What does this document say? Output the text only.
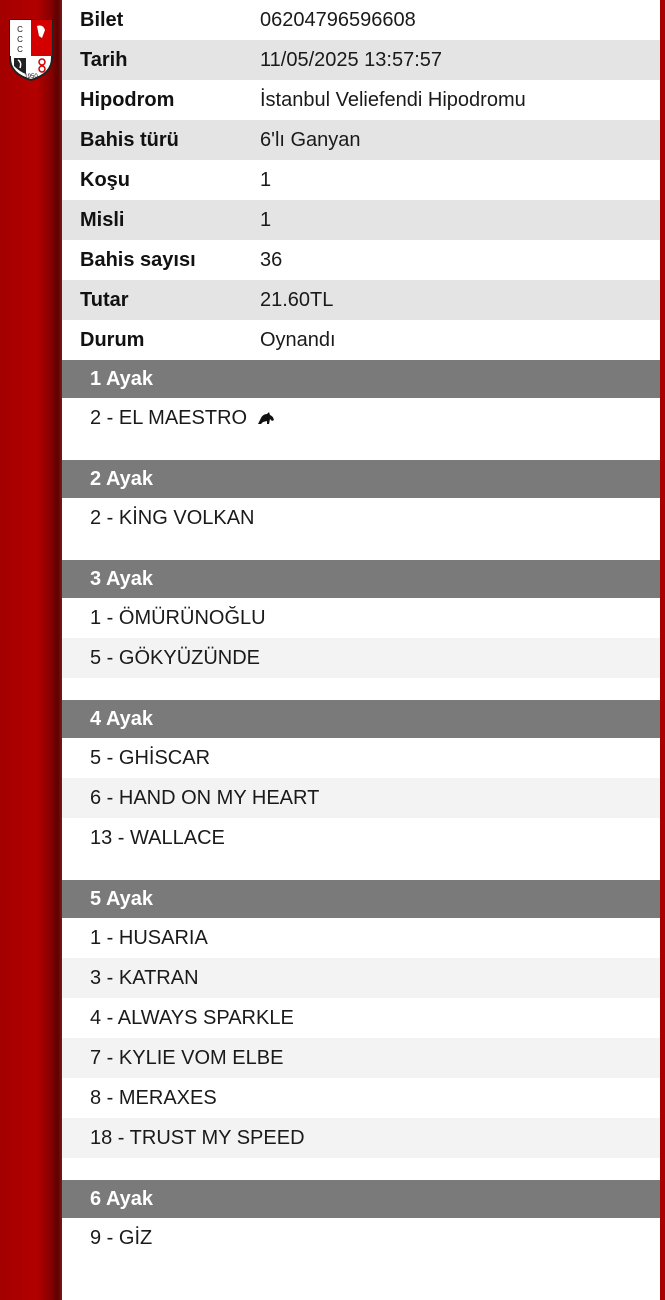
C
C
C
1950
Bilet	06204796596608
Tarih	11/05/2025 13:57:57
Hipodrom	İstanbul Veliefendi Hipodromu
Bahis türü	6'lı Ganyan
Koşu	1
Misli	1
Bahis sayısı	36
Tutar	21.60TL
Durum	Oynandı
1 Ayak
2 - EL MAESTRO
2 Ayak
2 - KİNG VOLKAN
3 Ayak
1 - ÖMÜRÜNOĞLU
5 - GÖKYÜZÜNDE
4 Ayak
5 - GHİSCAR
6 - HAND ON MY HEART
13 - WALLACE
5 Ayak
1 - HUSARIA
3 - KATRAN
4 - ALWAYS SPARKLE
7 - KYLIE VOM ELBE
8 - MERAXES
18 - TRUST MY SPEED
6 Ayak
9 - GİZ
